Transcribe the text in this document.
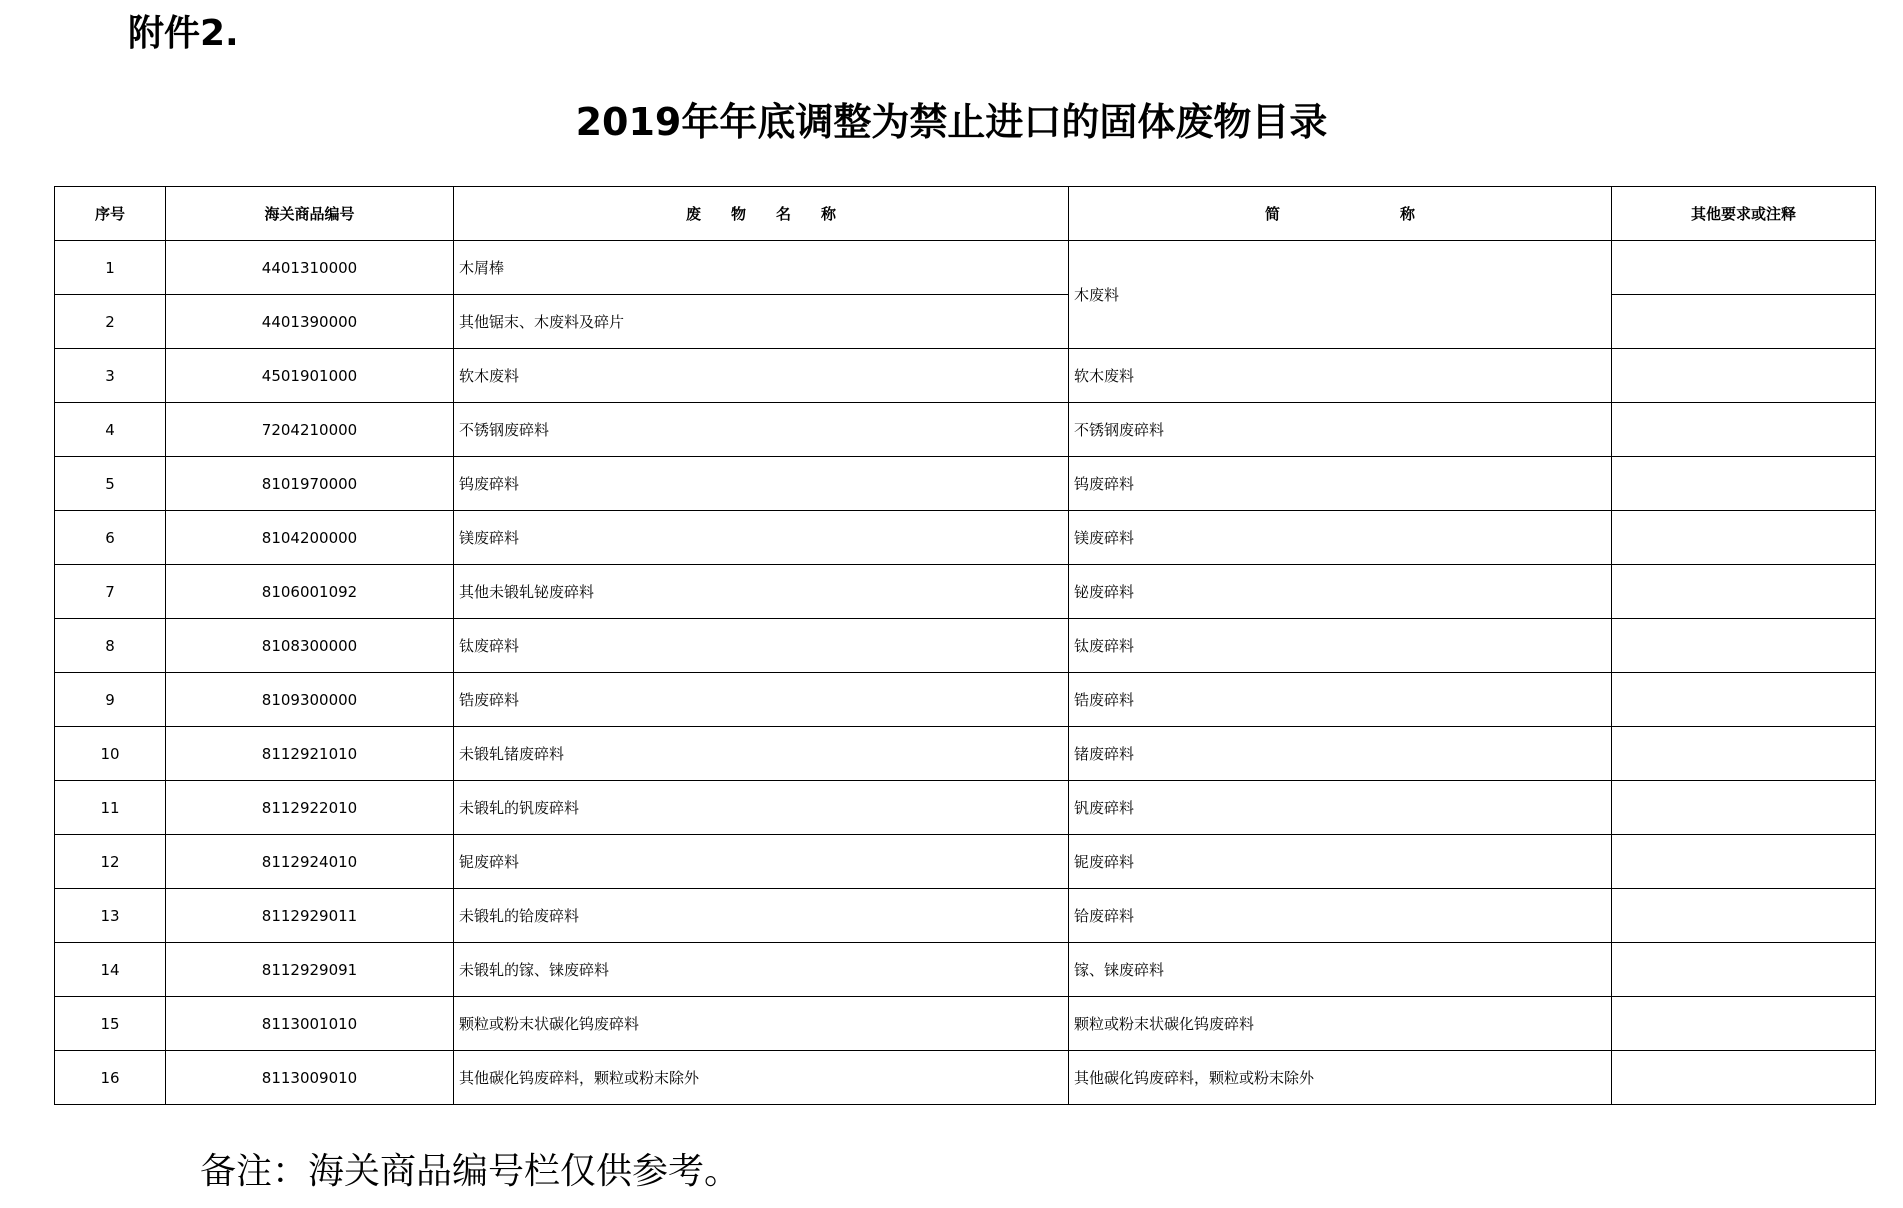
附件2.
2019年年底调整为禁止进口的固体废物目录
序号	海关商品编号	废　　物　　名　　称	简　　　　　　　　称	其他要求或注释
1	4401310000	木屑棒	木废料	
2	4401390000	其他锯末、木废料及碎片		
3	4501901000	软木废料	软木废料	
4	7204210000	不锈钢废碎料	不锈钢废碎料	
5	8101970000	钨废碎料	钨废碎料	
6	8104200000	镁废碎料	镁废碎料	
7	8106001092	其他未锻轧铋废碎料	铋废碎料	
8	8108300000	钛废碎料	钛废碎料	
9	8109300000	锆废碎料	锆废碎料	
10	8112921010	未锻轧锗废碎料	锗废碎料	
11	8112922010	未锻轧的钒废碎料	钒废碎料	
12	8112924010	铌废碎料	铌废碎料	
13	8112929011	未锻轧的铪废碎料	铪废碎料	
14	8112929091	未锻轧的镓、铼废碎料	镓、铼废碎料	
15	8113001010	颗粒或粉末状碳化钨废碎料	颗粒或粉末状碳化钨废碎料	
16	8113009010	其他碳化钨废碎料，颗粒或粉末除外	其他碳化钨废碎料，颗粒或粉末除外	
备注：海关商品编号栏仅供参考。
